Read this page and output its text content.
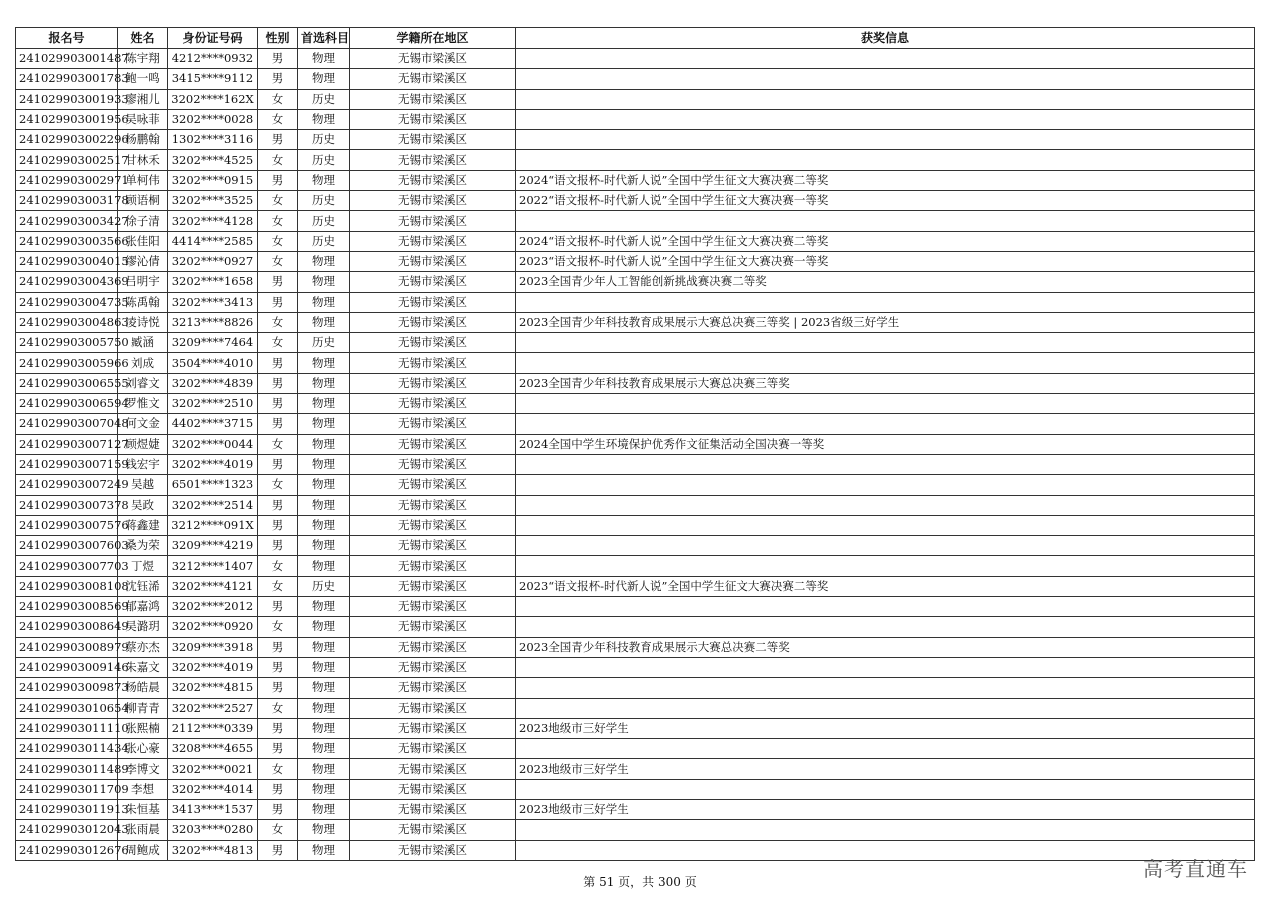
报名号	姓名	身份证号码	性别	首选科目	学籍所在地区	获奖信息
241029903001487	陈宇翔	4212****0932	男	物理	无锡市梁溪区	
241029903001783	鲍一鸣	3415****9112	男	物理	无锡市梁溪区	
241029903001933	廖湘儿	3202****162X	女	历史	无锡市梁溪区	
241029903001956	吴咏菲	3202****0028	女	物理	无锡市梁溪区	
241029903002296	杨鹏翰	1302****3116	男	历史	无锡市梁溪区	
241029903002517	甘林禾	3202****4525	女	历史	无锡市梁溪区	
241029903002971	单柯伟	3202****0915	男	物理	无锡市梁溪区	2024“语文报杯-时代新人说”全国中学生征文大赛决赛二等奖
241029903003178	顾语桐	3202****3525	女	历史	无锡市梁溪区	2022“语文报杯-时代新人说”全国中学生征文大赛决赛一等奖
241029903003427	徐子清	3202****4128	女	历史	无锡市梁溪区	
241029903003566	张佳阳	4414****2585	女	历史	无锡市梁溪区	2024“语文报杯-时代新人说”全国中学生征文大赛决赛二等奖
241029903004015	缪沁倩	3202****0927	女	物理	无锡市梁溪区	2023“语文报杯-时代新人说”全国中学生征文大赛决赛一等奖
241029903004369	吕明宇	3202****1658	男	物理	无锡市梁溪区	2023全国青少年人工智能创新挑战赛决赛二等奖
241029903004735	陈禹翰	3202****3413	男	物理	无锡市梁溪区	
241029903004863	凌诗悦	3213****8826	女	物理	无锡市梁溪区	2023全国青少年科技教育成果展示大赛总决赛三等奖 | 2023省级三好学生
241029903005750	臧涵	3209****7464	女	历史	无锡市梁溪区	
241029903005966	刘成	3504****4010	男	物理	无锡市梁溪区	
241029903006555	刘睿文	3202****4839	男	物理	无锡市梁溪区	2023全国青少年科技教育成果展示大赛总决赛三等奖
241029903006594	罗惟文	3202****2510	男	物理	无锡市梁溪区	
241029903007048	何文金	4402****3715	男	物理	无锡市梁溪区	
241029903007127	顾煜婕	3202****0044	女	物理	无锡市梁溪区	2024全国中学生环境保护优秀作文征集活动全国决赛一等奖
241029903007159	钱宏宇	3202****4019	男	物理	无锡市梁溪区	
241029903007249	吴越	6501****1323	女	物理	无锡市梁溪区	
241029903007378	吴政	3202****2514	男	物理	无锡市梁溪区	
241029903007576	蒋鑫建	3212****091X	男	物理	无锡市梁溪区	
241029903007603	桑为荣	3209****4219	男	物理	无锡市梁溪区	
241029903007703	丁煜	3212****1407	女	物理	无锡市梁溪区	
241029903008108	沈钰浠	3202****4121	女	历史	无锡市梁溪区	2023“语文报杯-时代新人说”全国中学生征文大赛决赛二等奖
241029903008569	郁嘉鸿	3202****2012	男	物理	无锡市梁溪区	
241029903008649	吴潞玥	3202****0920	女	物理	无锡市梁溪区	
241029903008979	蔡亦杰	3209****3918	男	物理	无锡市梁溪区	2023全国青少年科技教育成果展示大赛总决赛二等奖
241029903009146	朱嘉文	3202****4019	男	物理	无锡市梁溪区	
241029903009873	杨皓晨	3202****4815	男	物理	无锡市梁溪区	
241029903010654	柳青青	3202****2527	女	物理	无锡市梁溪区	
241029903011110	张熙楠	2112****0339	男	物理	无锡市梁溪区	2023地级市三好学生
241029903011434	张心豪	3208****4655	男	物理	无锡市梁溪区	
241029903011489	李博文	3202****0021	女	物理	无锡市梁溪区	2023地级市三好学生
241029903011709	李想	3202****4014	男	物理	无锡市梁溪区	
241029903011913	朱恒基	3413****1537	男	物理	无锡市梁溪区	2023地级市三好学生
241029903012043	张雨晨	3203****0280	女	物理	无锡市梁溪区	
241029903012676	周鲍成	3202****4813	男	物理	无锡市梁溪区	
第 51 页，共 300 页
高考直通车
